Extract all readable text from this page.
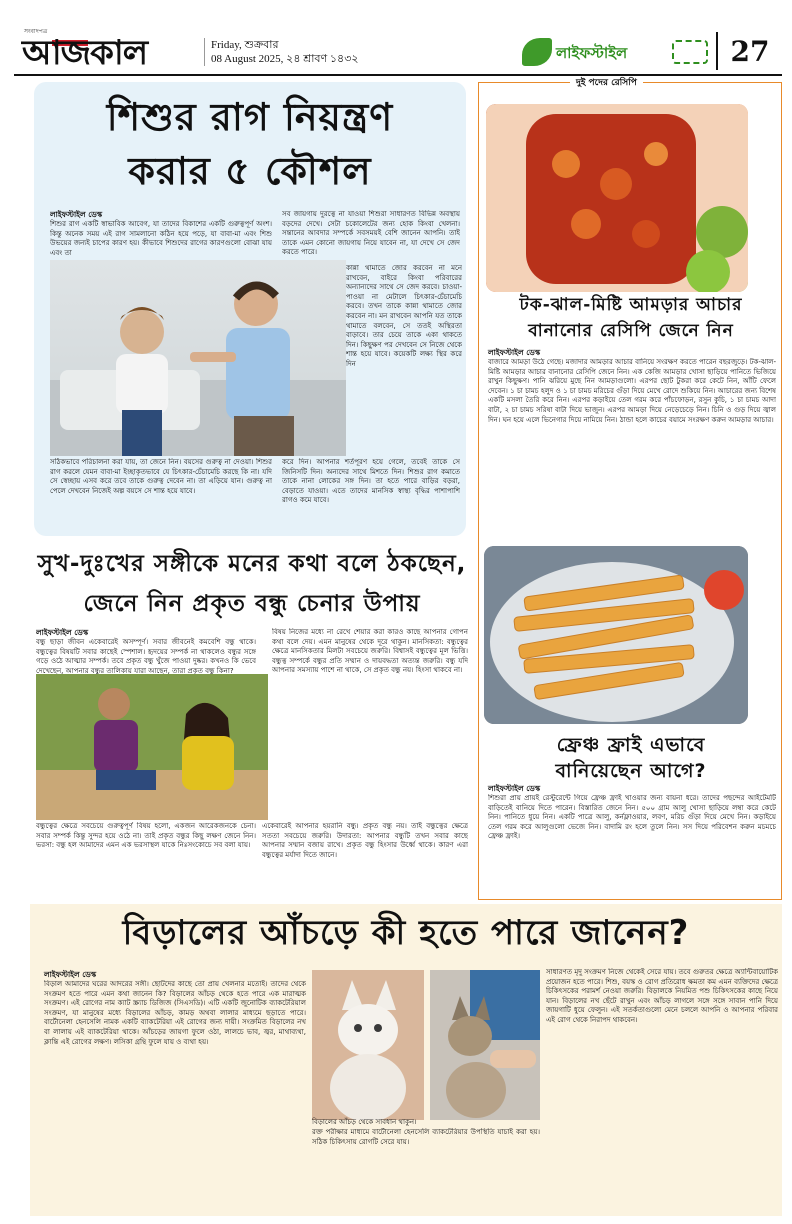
সংবাদপত্র
আজকাল	Friday, শুক্রবার
08 August 2025, ২৪ শ্রাবণ ১৪৩২	লাইফস্টাইল	27
শিশুর রাগ নিয়ন্ত্রণ
করার ৫ কৌশল
লাইফস্টাইল ডেস্ক
শিশুর রাগ একটি স্বাভাবিক আবেগ, যা তাদের বিকাশের একটি গুরুত্বপূর্ণ অংশ। কিন্তু অনেক সময় এই রাগ সামলানো কঠিন হয়ে পড়ে, যা বাবা-মা এবং শিশু উভয়ের জন্যই চাপের কারণ হয়। কীভাবে শিশুদের রাগের কারণগুলো বোঝা যায় এবং তা
সব জায়গায় দুরত্বে না যাওয়া শিশুরা সাধারণত বিভিন্ন অবস্থায় বড়দের দেখে। সেটা চকোলেটের জন্য হোক কিংবা খেলনা। সন্তানের আবদার সম্পর্কে সবসময়ই বেশি জানেন আপনি। তাই তাকে এমন কোনো জায়গায় নিয়ে যাবেন না, যা দেখে সে জেদ করতে পারে।
কান্না থামাতে জোর করবেন না মনে রাখবেন, বাইরে কিংবা পরিবারের অন্যান্যদের সাথে সে জেদ করবে। চাওয়া-পাওয়া না মেটালে চিৎকার-চেঁচামেচি করবে। তখন তাকে কান্না থামাতে জোর করবেন না। মন রাখবেন আপনি যত তাকে থামাতে বলবেন, সে ততই অস্থিরতা বাড়াবে। তার চেয়ে তাকে একা থাকতে দিন। কিছুক্ষণ পর দেখবেন সে নিজে থেকে শান্ত হয়ে যাবে। কয়েকটি লক্ষ্য স্থির করে দিন
সঠিকভাবে পরিচালনা করা যায়, তা জেনে নিন। বয়সের গুরুত্ব না দেওয়া। শিশুর রাগ করলে যেমন বাবা-মা ইচ্ছাকৃতভাবে যে চিৎকার-চেঁচামেচি করছে কি না। যদি সে স্বেচ্ছায় এসব করে তবে তাকে গুরুত্ব দেবেন না। তা এড়িয়ে যান। গুরুত্ব না পেলে দেখবেন নিজেই অল্প বয়সে সে শান্ত হয়ে যাবে।
করে দিন। আপনার শর্তপূরণ হয়ে গেলে, তবেই তাকে সে জিনিসটি দিন। অন্যদের সাথে মিশতে দিন। শিশুর রাগ কমাতে তাকে নানা লোকের সঙ্গ দিন। তা হতে পারে বাড়ির বড়রা, বেড়াতে যাওয়া। এতে তাদের মানসিক স্বাস্থ্য বৃদ্ধির পাশাপাশি রাগও কমে যাবে।
সুখ-দুঃখের সঙ্গীকে মনের কথা বলে ঠকছেন,
জেনে নিন প্রকৃত বন্ধু চেনার উপায়
লাইফস্টাইল ডেস্ক
বন্ধু ছাড়া জীবন একেবারেই অসম্পূর্ণ। সবার জীবনেই কমবেশি বন্ধু থাকে। বন্ধুত্বের বিষয়টি সবার কাছেই স্পেশাল। হৃদয়ের সম্পর্ক না থাকলেও বন্ধুর সঙ্গে গড়ে ওঠে আত্মার সম্পর্ক। তবে প্রকৃত বন্ধু খুঁজে পাওয়া দুষ্কর। কখনও কি ভেবে দেখেছেন, আপনার বন্ধুর তালিকায় যারা আছেন, তারা প্রকৃত বন্ধু কিনা?
বিষয় নিজের মধ্যে না রেখে শেয়ার করা কারও কাছে আপনার গোপন কথা বলে দেয়। এমন মানুষের থেকে দূরে থাকুন। মানসিকতা: বন্ধুত্বের ক্ষেত্রে মানসিকতার মিলটা সবচেয়ে জরুরি। বিশ্বাসই বন্ধুত্বের মূল ভিত্তি। বন্ধুত্ব সম্পর্কে বন্ধুর প্রতি সম্মান ও দায়বদ্ধতা অত্যন্ত জরুরি। বন্ধু যদি আপনার সমস্যায় পাশে না থাকে, সে প্রকৃত বন্ধু নয়। হিংসা থাকবে না।
বন্ধুত্বের ক্ষেত্রে সবচেয়ে গুরুত্বপূর্ণ বিষয় হলো, একজন আরেকজনকে চেনা। সবার সম্পর্ক কিন্তু সুন্দর হয়ে ওঠে না। তাই প্রকৃত বন্ধুর কিছু লক্ষণ জেনে নিন। ভরসা: বন্ধু হল আমাদের এমন এক ভরসাস্থল যাকে নিঃসংকোচে সব বলা যায়।
একেবারেই আপনার হয়রানি বন্ধু। প্রকৃত বন্ধু নয়। তাই বন্ধুত্বের ক্ষেত্রে সততা সবচেয়ে জরুরি। উদারতা: আপনার বন্ধুটি তখন সবার কাছে আপনার সম্মান বজায় রাখে। প্রকৃত বন্ধু হিংসার উর্ধ্বে থাকে। কারণ এরা বন্ধুত্বের মর্যাদা দিতে জানে।
দুই পদের রেসিপি
টক-ঝাল-মিষ্টি আমড়ার আচার
বানানোর রেসিপি জেনে নিন
লাইফস্টাইল ডেস্ক
বাজারে আমড়া উঠে গেছে। মজাদার আমড়ার আচার বানিয়ে সংরক্ষণ করতে পারেন বছরজুড়ে। টক-ঝাল-মিষ্টি আমড়ার আচার বানানোর রেসিপি জেনে নিন। এক কেজি আমড়ার খোসা ছাড়িয়ে পানিতে ভিজিয়ে রাখুন কিছুক্ষণ। পানি ঝরিয়ে মুছে নিন আমড়াগুলো। এরপর ছোট টুকরা করে কেটে নিন, আঁটি ফেলে দেবেন। ১ চা চামচ হলুদ ও ১ চা চামচ মরিচের গুঁড়া দিয়ে মেখে রোদে শুকিয়ে নিন। আচারের জন্য বিশেষ একটি মসলা তৈরি করে নিন। এরপর কড়াইয়ে তেল গরম করে পাঁচফোড়ন, রসুন কুচি, ১ চা চামচ আদা বাটা, ২ চা চামচ সরিষা বাটা দিয়ে ভাজুন। এরপর আমড়া দিয়ে নেড়েচেড়ে নিন। চিনি ও গুড় দিয়ে জ্বাল দিন। ঘন হয়ে এলে ভিনেগার দিয়ে নামিয়ে নিন। ঠান্ডা হলে কাচের বয়ামে সংরক্ষণ করুন আমড়ার আচার।
ফ্রেঞ্চ ফ্রাই এভাবে
বানিয়েছেন আগে?
লাইফস্টাইল ডেস্ক
শিশুরা প্রায় প্রায়ই রেস্টুরেন্টে গিয়ে ফ্রেঞ্চ ফ্রাই খাওয়ার জন্য বায়না ধরে। তাদের পছন্দের আইটেমটি বাড়িতেই বানিয়ে দিতে পারেন। বিস্তারিত জেনে নিন। ৫০০ গ্রাম আলু খোসা ছাড়িয়ে লম্বা করে কেটে নিন। পানিতে ধুয়ে নিন। একটি পাত্রে আলু, কর্নফ্লাওয়ার, লবণ, মরিচ গুঁড়া দিয়ে মেখে নিন। কড়াইয়ে তেল গরম করে আলুগুলো ভেজে নিন। বাদামি রং হলে তুলে নিন। সস দিয়ে পরিবেশন করুন মচমচে ফ্রেঞ্চ ফ্রাই।
বিড়ালের আঁচড়ে কী হতে পারে জানেন?
লাইফস্টাইল ডেস্ক
বিড়াল আমাদের ঘরের আদরের সঙ্গী। ছোটদের কাছে তো প্রায় খেলনার মতোই। তাদের থেকে সংক্রমণ হতে পারে এমন কথা জানেন কি? বিড়ালের আঁচড় থেকে হতে পারে এক মারাত্মক সংক্রমণ। এই রোগের নাম ক্যাট স্ক্র্যাচ ডিজিজ (সিএসডি)। এটি একটি জুনোটিক ব্যাকটেরিয়াল সংক্রমণ, যা মানুষের মধ্যে বিড়ালের আঁচড়, কামড় অথবা লালার মাধ্যমে ছড়াতে পারে। বার্টোনেলা হেনসেলি নামক একটি ব্যাকটেরিয়া এই রোগের জন্য দায়ী। সংক্রমিত বিড়ালের নখ বা লালায় এই ব্যাকটেরিয়া থাকে। আঁচড়ের জায়গা ফুলে ওঠা, লালচে ভাব, জ্বর, মাথাব্যথা, ক্লান্তি এই রোগের লক্ষণ। লসিকা গ্রন্থি ফুলে যায় ও ব্যথা হয়।
বিড়ালের আঁচড় থেকে সাবধান থাকুন।
রক্ত পরীক্ষার মাধ্যমে বার্টোনেলা হেনসেলি ব্যাকটেরিয়ার উপস্থিতি যাচাই করা হয়। সঠিক চিকিৎসায় রোগটি সেরে যায়।
সাধারণত মৃদু সংক্রমণ নিজে থেকেই সেরে যায়। তবে গুরুতর ক্ষেত্রে অ্যান্টিবায়োটিক প্রয়োজন হতে পারে। শিশু, বয়স্ক ও রোগ প্রতিরোধ ক্ষমতা কম এমন ব্যক্তিদের ক্ষেত্রে চিকিৎসকের পরামর্শ নেওয়া জরুরি। বিড়ালকে নিয়মিত পশু চিকিৎসকের কাছে নিয়ে যান। বিড়ালের নখ ছেঁটে রাখুন এবং আঁচড় লাগলে সঙ্গে সঙ্গে সাবান পানি দিয়ে জায়গাটি ধুয়ে ফেলুন। এই সতর্কতাগুলো মেনে চললে আপনি ও আপনার পরিবার এই রোগ থেকে নিরাপদ থাকবেন।
